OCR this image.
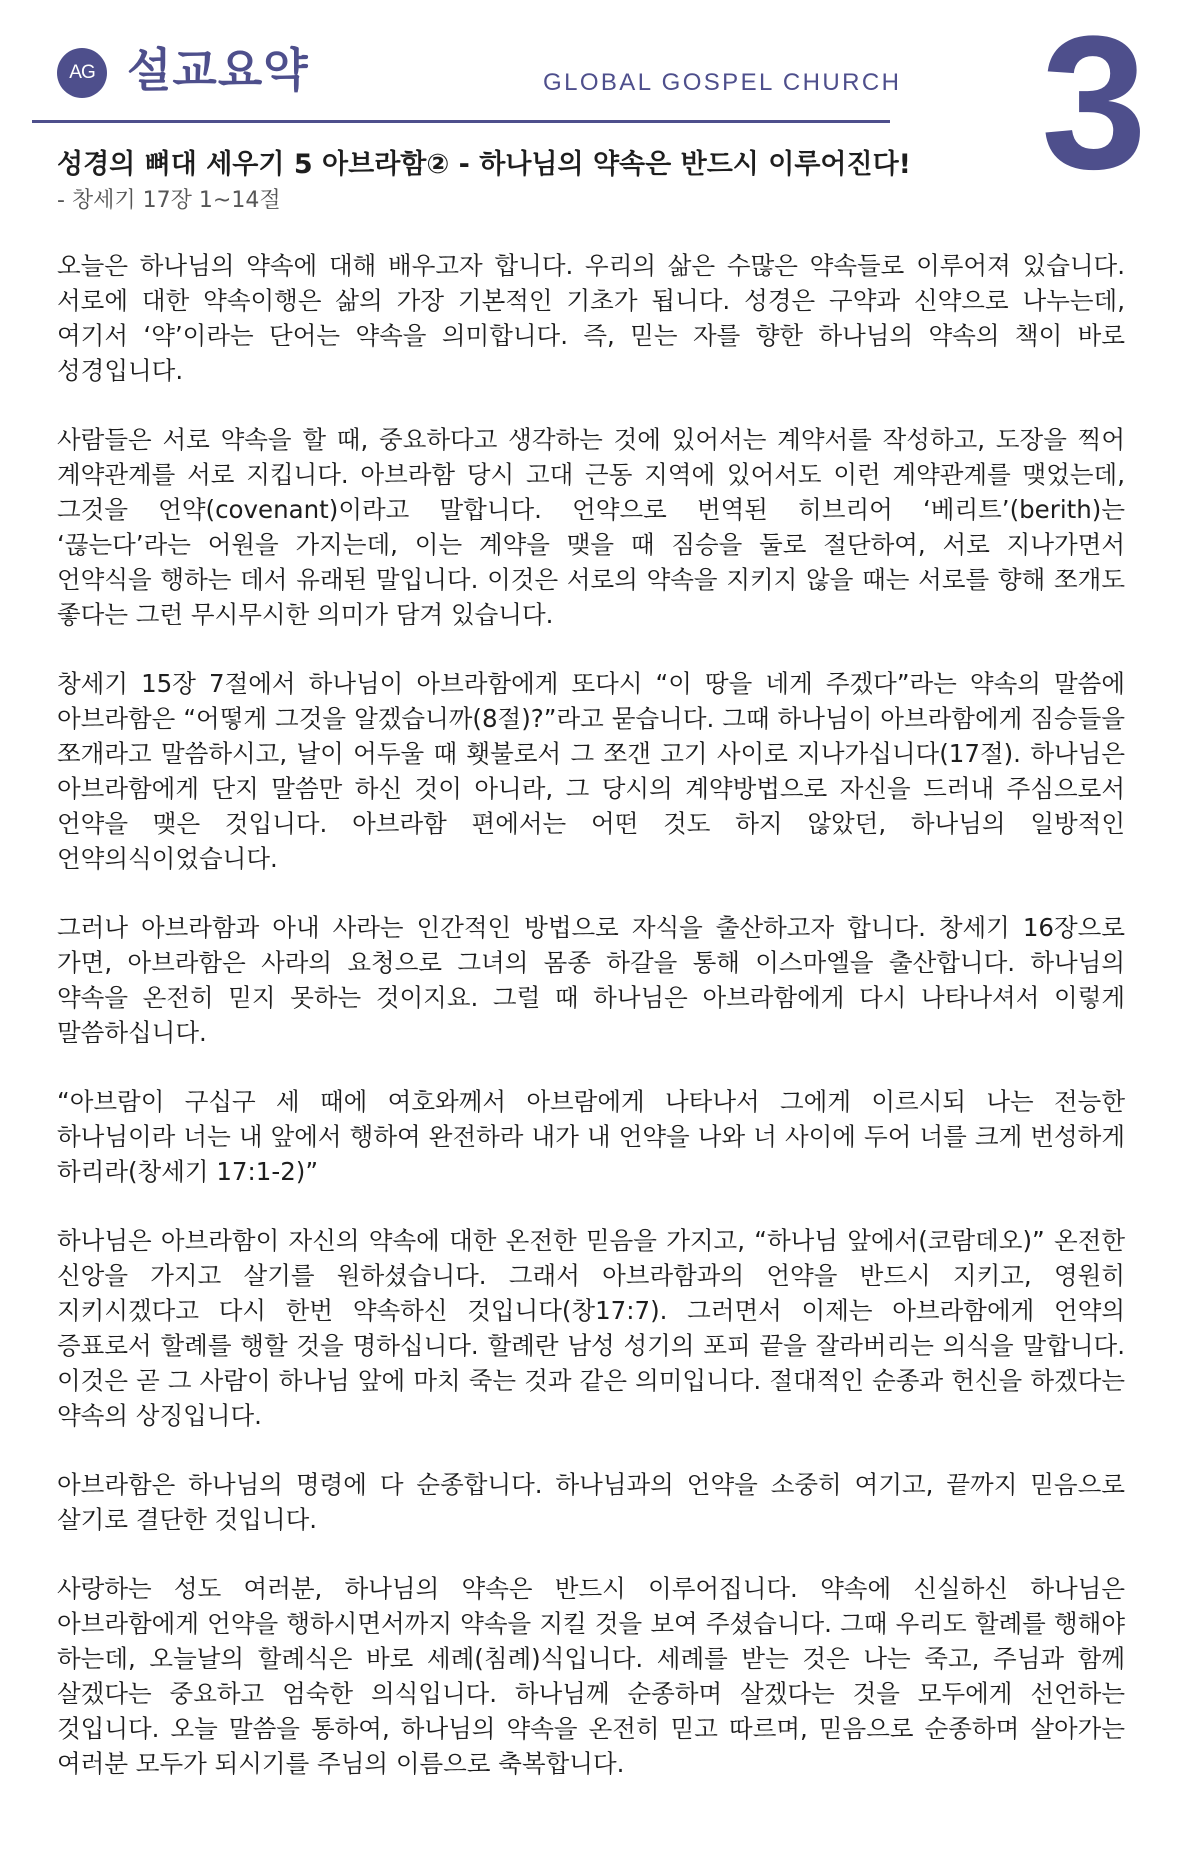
AG 설교요약	GLOBAL GOSPEL CHURCH 3
성경의 뼈대 세우기 5 아브라함② - 하나님의 약속은 반드시 이루어진다!
- 창세기 17장 1~14절

오늘은 하나님의 약속에 대해 배우고자 합니다. 우리의 삶은 수많은 약속들로 이루어져 있습니다. 서로에 대한 약속이행은 삶의 가장 기본적인 기초가 됩니다. 성경은 구약과 신약으로 나누는데, 여기서 ‘약’이라는 단어는 약속을 의미합니다. 즉, 믿는 자를 향한 하나님의 약속의 책이 바로 성경입니다.

사람들은 서로 약속을 할 때, 중요하다고 생각하는 것에 있어서는 계약서를 작성하고, 도장을 찍어 계약관계를 서로 지킵니다. 아브라함 당시 고대 근동 지역에 있어서도 이런 계약관계를 맺었는데, 그것을 언약(covenant)이라고 말합니다. 언약으로 번역된 히브리어 ‘베리트’(berith)는 ‘끊는다’라는 어원을 가지는데, 이는 계약을 맺을 때 짐승을 둘로 절단하여, 서로 지나가면서 언약식을 행하는 데서 유래된 말입니다. 이것은 서로의 약속을 지키지 않을 때는 서로를 향해 쪼개도 좋다는 그런 무시무시한 의미가 담겨 있습니다.

창세기 15장 7절에서 하나님이 아브라함에게 또다시 “이 땅을 네게 주겠다”라는 약속의 말씀에 아브라함은 “어떻게 그것을 알겠습니까(8절)?”라고 묻습니다. 그때 하나님이 아브라함에게 짐승들을 쪼개라고 말씀하시고, 날이 어두울 때 횃불로서 그 쪼갠 고기 사이로 지나가십니다(17절). 하나님은 아브라함에게 단지 말씀만 하신 것이 아니라, 그 당시의 계약방법으로 자신을 드러내 주심으로서 언약을 맺은 것입니다. 아브라함 편에서는 어떤 것도 하지 않았던, 하나님의 일방적인 언약의식이었습니다.

그러나 아브라함과 아내 사라는 인간적인 방법으로 자식을 출산하고자 합니다. 창세기 16장으로 가면, 아브라함은 사라의 요청으로 그녀의 몸종 하갈을 통해 이스마엘을 출산합니다. 하나님의 약속을 온전히 믿지 못하는 것이지요. 그럴 때 하나님은 아브라함에게 다시 나타나셔서 이렇게 말씀하십니다.

“아브람이 구십구 세 때에 여호와께서 아브람에게 나타나서 그에게 이르시되 나는 전능한 하나님이라 너는 내 앞에서 행하여 완전하라 내가 내 언약을 나와 너 사이에 두어 너를 크게 번성하게 하리라(창세기 17:1-2)”

하나님은 아브라함이 자신의 약속에 대한 온전한 믿음을 가지고, “하나님 앞에서(코람데오)” 온전한 신앙을 가지고 살기를 원하셨습니다. 그래서 아브라함과의 언약을 반드시 지키고, 영원히 지키시겠다고 다시 한번 약속하신 것입니다(창17:7). 그러면서 이제는 아브라함에게 언약의 증표로서 할례를 행할 것을 명하십니다. 할례란 남성 성기의 포피 끝을 잘라버리는 의식을 말합니다. 이것은 곧 그 사람이 하나님 앞에 마치 죽는 것과 같은 의미입니다. 절대적인 순종과 헌신을 하겠다는 약속의 상징입니다.

아브라함은 하나님의 명령에 다 순종합니다. 하나님과의 언약을 소중히 여기고, 끝까지 믿음으로 살기로 결단한 것입니다.

사랑하는 성도 여러분, 하나님의 약속은 반드시 이루어집니다. 약속에 신실하신 하나님은 아브라함에게 언약을 행하시면서까지 약속을 지킬 것을 보여 주셨습니다. 그때 우리도 할례를 행해야 하는데, 오늘날의 할례식은 바로 세례(침례)식입니다. 세례를 받는 것은 나는 죽고, 주님과 함께 살겠다는 중요하고 엄숙한 의식입니다. 하나님께 순종하며 살겠다는 것을 모두에게 선언하는 것입니다. 오늘 말씀을 통하여, 하나님의 약속을 온전히 믿고 따르며, 믿음으로 순종하며 살아가는 여러분 모두가 되시기를 주님의 이름으로 축복합니다.
